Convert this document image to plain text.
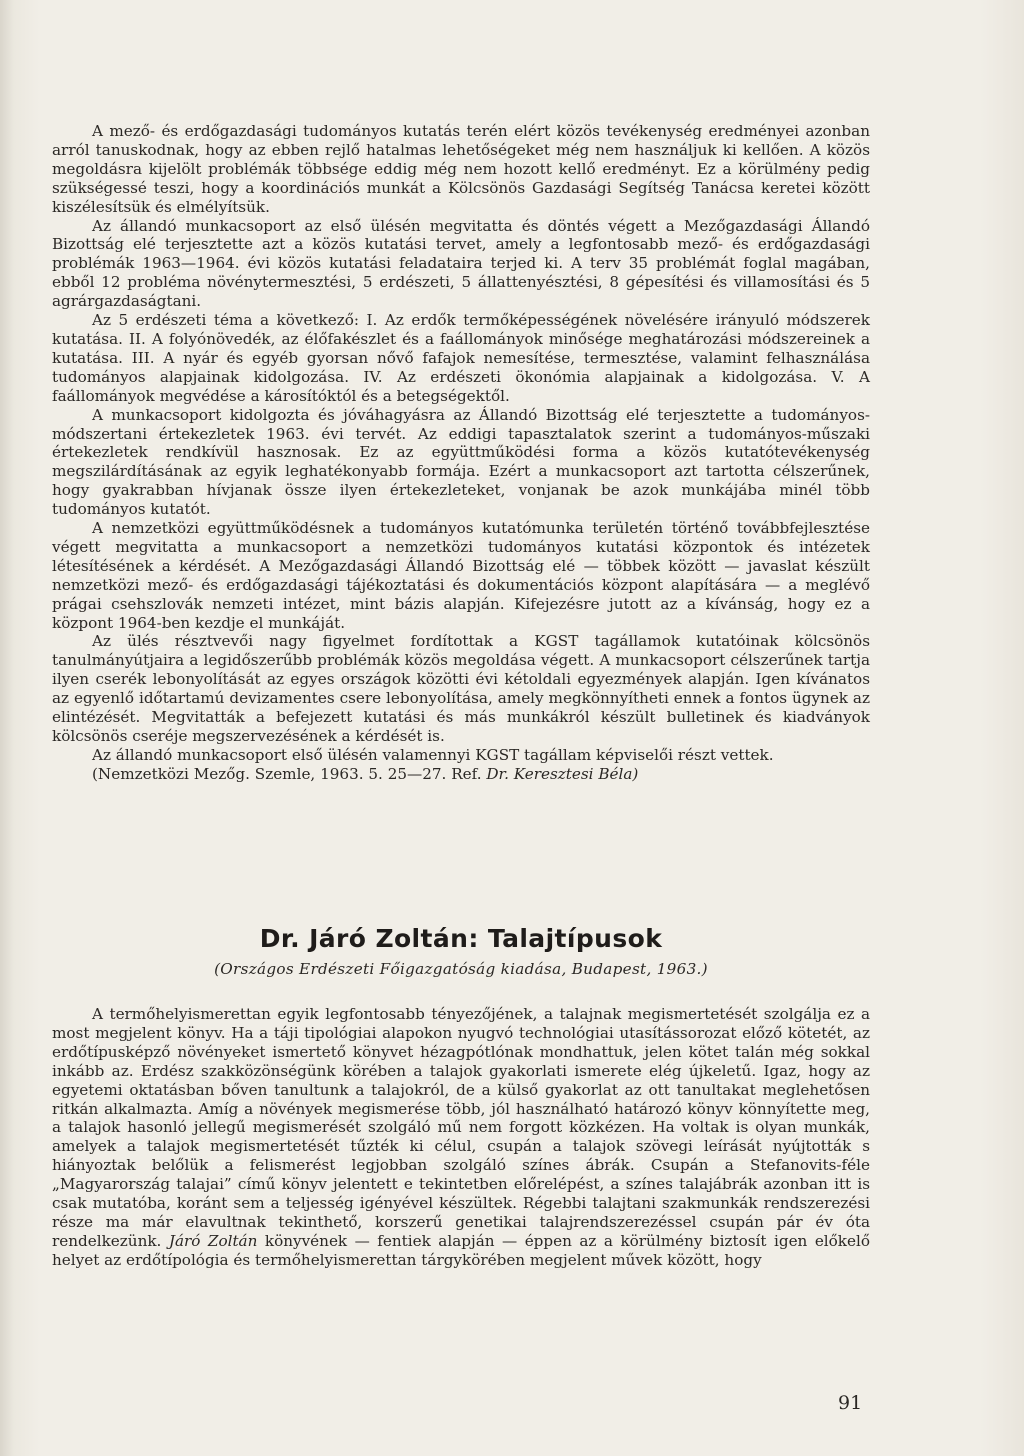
A mező- és erdőgazdasági tudományos kutatás terén elért közös tevékenység eredményei azonban arról tanuskodnak, hogy az ebben rejlő hatalmas lehetőségeket még nem használjuk ki kellően. A közös megoldásra kijelölt problémák többsége eddig még nem hozott kellő eredményt. Ez a körülmény pedig szükségessé teszi, hogy a koordinációs munkát a Kölcsönös Gazdasági Segítség Tanácsa keretei között kiszélesítsük és elmélyítsük.

Az állandó munkacsoport az első ülésén megvitatta és döntés végett a Mezőgazdasági Állandó Bizottság elé terjesztette azt a közös kutatási tervet, amely a legfontosabb mező- és erdőgazdasági problémák 1963—1964. évi közös kutatási feladataira terjed ki. A terv 35 problémát foglal magában, ebből 12 probléma növénytermesztési, 5 erdészeti, 5 állattenyésztési, 8 gépesítési és villamosítási és 5 agrárgazdaságtani.

Az 5 erdészeti téma a következő: I. Az erdők termőképességének növelésére irányuló módszerek kutatása. II. A folyónövedék, az élőfakészlet és a faállományok minősége meghatározási módszereinek a kutatása. III. A nyár és egyéb gyorsan nővő fafajok nemesítése, termesztése, valamint felhasználása tudományos alapjainak kidolgozása. IV. Az erdészeti ökonómia alapjainak a kidolgozása. V. A faállományok megvédése a károsítóktól és a betegségektől.

A munkacsoport kidolgozta és jóváhagyásra az Állandó Bizottság elé terjesztette a tudományos- módszertani értekezletek 1963. évi tervét. Az eddigi tapasztalatok szerint a tudományos-műszaki értekezletek rendkívül hasznosak. Ez az együttműködési forma a közös kutatótevékenység megszilárdításának az egyik leghatékonyabb formája. Ezért a munkacsoport azt tartotta célszerűnek, hogy gyakrabban hívjanak össze ilyen értekezleteket, vonjanak be azok munkájába minél több tudományos kutatót.

A nemzetközi együttműködésnek a tudományos kutatómunka területén történő továbbfejlesztése végett megvitatta a munkacsoport a nemzetközi tudományos kutatási központok és intézetek létesítésének a kérdését. A Mezőgazdasági Állandó Bizottság elé — többek között — javaslat készült nemzetközi mező- és erdőgazdasági tájékoztatási és dokumentációs központ alapítására — a meglévő prágai csehszlovák nemzeti intézet, mint bázis alapján. Kifejezésre jutott az a kívánság, hogy ez a központ 1964-ben kezdje el munkáját.

Az ülés résztvevői nagy figyelmet fordítottak a KGST tagállamok kutatóinak kölcsönös tanulmányútjaira a legidőszerűbb problémák közös megoldása végett. A munkacsoport célszerűnek tartja ilyen cserék lebonyolítását az egyes országok közötti évi kétoldali egyezmények alapján. Igen kívánatos az egyenlő időtartamú devizamentes csere lebonyolítása, amely megkönnyítheti ennek a fontos ügynek az elintézését. Megvitatták a befejezett kutatási és más munkákról készült bulletinek és kiadványok kölcsönös cseréje megszervezésének a kérdését is.

Az állandó munkacsoport első ülésén valamennyi KGST tagállam képviselői részt vettek.

(Nemzetközi Mezőg. Szemle, 1963. 5. 25—27. Ref. Dr. Keresztesi Béla)

Dr. Járó Zoltán: Talajtípusok
(Országos Erdészeti Főigazgatóság kiadása, Budapest, 1963.)

A termőhelyismerettan egyik legfontosabb tényezőjének, a talajnak megismertetését szolgálja ez a most megjelent könyv. Ha a táji tipológiai alapokon nyugvó technológiai utasítássorozat előző kötetét, az erdőtípusképző növényeket ismertető könyvet hézagpótlónak mondhattuk, jelen kötet talán még sokkal inkább az. Erdész szakközönségünk körében a talajok gyakorlati ismerete elég újkeletű. Igaz, hogy az egyetemi oktatásban bőven tanultunk a talajokról, de a külső gyakorlat az ott tanultakat meglehetősen ritkán alkalmazta. Amíg a növények megismerése több, jól használható határozó könyv könnyítette meg, a talajok hasonló jellegű megismerését szolgáló mű nem forgott közkézen. Ha voltak is olyan munkák, amelyek a talajok megismertetését tűzték ki célul, csupán a talajok szövegi leírását nyújtották s hiányoztak belőlük a felismerést legjobban szolgáló színes ábrák. Csupán a Stefanovits-féle „Magyarország talajai” című könyv jelentett e tekintetben előrelépést, a színes talajábrák azonban itt is csak mutatóba, koránt sem a teljesség igényével készültek. Régebbi talajtani szakmunkák rendszerezési része ma már elavultnak tekinthető, korszerű genetikai talajrendszerezéssel csupán pár év óta rendelkezünk. Járó Zoltán könyvének — fentiek alapján — éppen az a körülmény biztosít igen előkelő helyet az erdőtípológia és termőhelyismerettan tárgykörében megjelent művek között, hogy

91
